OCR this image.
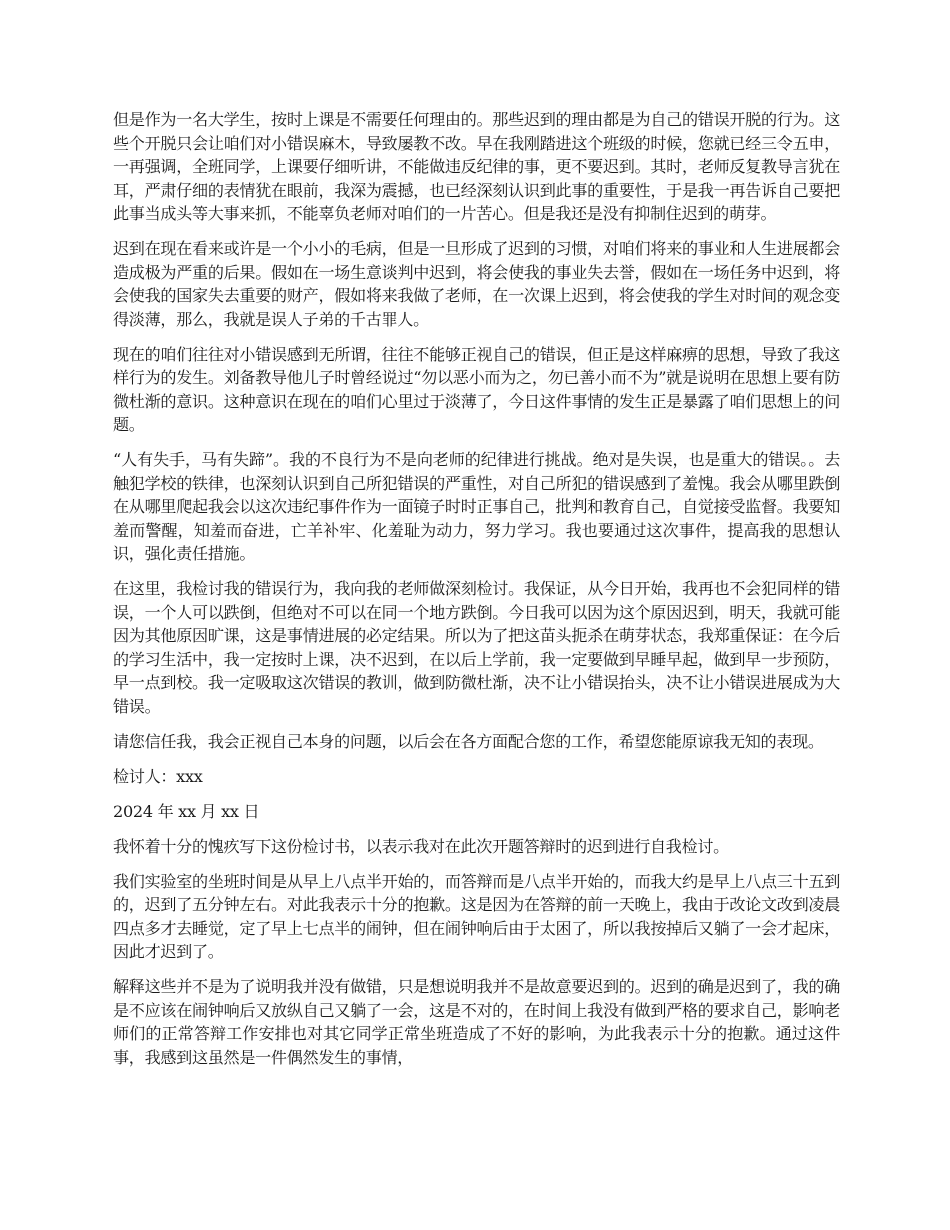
但是作为一名大学生，按时上课是不需要任何理由的。那些迟到的理由都是为自己的错误开脱的行为。这些个开脱只会让咱们对小错误麻木，导致屡教不改。早在我刚踏进这个班级的时候，您就已经三令五申，一再强调，全班同学，上课要仔细听讲，不能做违反纪律的事，更不要迟到。其时，老师反复教导言犹在耳，严肃仔细的表情犹在眼前，我深为震撼，也已经深刻认识到此事的重要性，于是我一再告诉自己要把此事当成头等大事来抓，不能辜负老师对咱们的一片苦心。但是我还是没有抑制住迟到的萌芽。

迟到在现在看来或许是一个小小的毛病，但是一旦形成了迟到的习惯，对咱们将来的事业和人生进展都会造成极为严重的后果。假如在一场生意谈判中迟到，将会使我的事业失去誉，假如在一场任务中迟到，将会使我的国家失去重要的财产，假如将来我做了老师，在一次课上迟到，将会使我的学生对时间的观念变得淡薄，那么，我就是误人子弟的千古罪人。

现在的咱们往往对小错误感到无所谓，往往不能够正视自己的错误，但正是这样麻痹的思想，导致了我这样行为的发生。刘备教导他儿子时曾经说过“勿以恶小而为之，勿已善小而不为”就是说明在思想上要有防微杜渐的意识。这种意识在现在的咱们心里过于淡薄了，今日这件事情的发生正是暴露了咱们思想上的问题。

“人有失手，马有失蹄”。我的不良行为不是向老师的纪律进行挑战。绝对是失误，也是重大的错误。。去触犯学校的铁律，也深刻认识到自己所犯错误的严重性，对自己所犯的错误感到了羞愧。我会从哪里跌倒在从哪里爬起我会以这次违纪事件作为一面镜子时时正事自己，批判和教育自己，自觉接受监督。我要知羞而警醒，知羞而奋进，亡羊补牢、化羞耻为动力，努力学习。我也要通过这次事件，提高我的思想认识，强化责任措施。

在这里，我检讨我的错误行为，我向我的老师做深刻检讨。我保证，从今日开始，我再也不会犯同样的错误，一个人可以跌倒，但绝对不可以在同一个地方跌倒。今日我可以因为这个原因迟到，明天，我就可能因为其他原因旷课，这是事情进展的必定结果。所以为了把这苗头扼杀在萌芽状态，我郑重保证：在今后的学习生活中，我一定按时上课，决不迟到，在以后上学前，我一定要做到早睡早起，做到早一步预防，早一点到校。我一定吸取这次错误的教训，做到防微杜渐，决不让小错误抬头，决不让小错误进展成为大错误。

请您信任我，我会正视自己本身的问题，以后会在各方面配合您的工作，希望您能原谅我无知的表现。

检讨人：xxx

2024 年 xx 月 xx 日

我怀着十分的愧疚写下这份检讨书，以表示我对在此次开题答辩时的迟到进行自我检讨。

我们实验室的坐班时间是从早上八点半开始的，而答辩而是八点半开始的，而我大约是早上八点三十五到的，迟到了五分钟左右。对此我表示十分的抱歉。这是因为在答辩的前一天晚上，我由于改论文改到凌晨四点多才去睡觉，定了早上七点半的闹钟，但在闹钟响后由于太困了，所以我按掉后又躺了一会才起床，因此才迟到了。

解释这些并不是为了说明我并没有做错，只是想说明我并不是故意要迟到的。迟到的确是迟到了，我的确是不应该在闹钟响后又放纵自己又躺了一会，这是不对的，在时间上我没有做到严格的要求自己，影响老师们的正常答辩工作安排也对其它同学正常坐班造成了不好的影响，为此我表示十分的抱歉。通过这件事，我感到这虽然是一件偶然发生的事情，
